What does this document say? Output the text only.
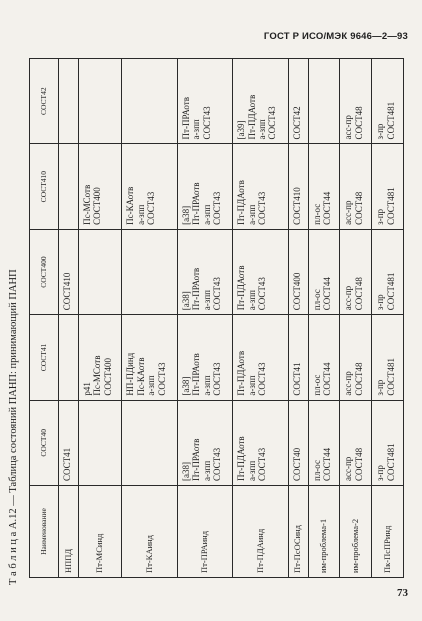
ГОСТ Р ИСО/МЭК 9646—2—93
Т а б л и ц а А.12 — Таблица состояний ПАНП: принимающий ПАНП	Наименование	СОСТ40	СОСТ41	СОСТ400	СОСТ410	СОСТ42
НППД	СОСТ41		СОСТ410		

Пт-МСинд		р41 Пс-МСотв СОСТ400		Пс-МСотв СОСТ400	

Пт-КАинд		НП-ПДинд Пс-КАотв а-зпп СОСТ43		Пс-КАотв а-зпп СОСТ43	

Пт-ПРАинд	[а38] Пт-ПРАотв а-зпп СОСТ43	[а38] Пт-ПРАотв а-зпп СОСТ43	[а38] Пт-ПРАотв а-зпп СОСТ43	[а38] Пт-ПРАотв а-зпп СОСТ43	Пт-ПРАотв а-зпп СОСТ43

Пт-ПДАинд	Пт-ПДАотв а-зпп СОСТ43	Пт-ПДАотв а-зпп СОСТ43	Пт-ПДАотв а-зпп СОСТ43	Пт-ПДАотв а-зпп СОСТ43	[а39] Пт-ПДАотв а-зпп СОСТ43

Пт-ПсОСинд	СОСТ40	СОСТ41	СОСТ400	СОСТ410	СОСТ42

им-проблема-1	пл-ос СОСТ44	пл-ос СОСТ44	пл-ос СОСТ44	пл-ос СОСТ44	

им-проблема-2	асс-пр СОСТ48	асс-пр СОСТ48	асс-пр СОСТ48	асс-пр СОСТ48	асс-пр СОСТ48

Пк-ПсПРинд	з-пр СОСТ481	з-пр СОСТ481	з-пр СОСТ481	з-пр СОСТ481	з-пр СОСТ481
73
